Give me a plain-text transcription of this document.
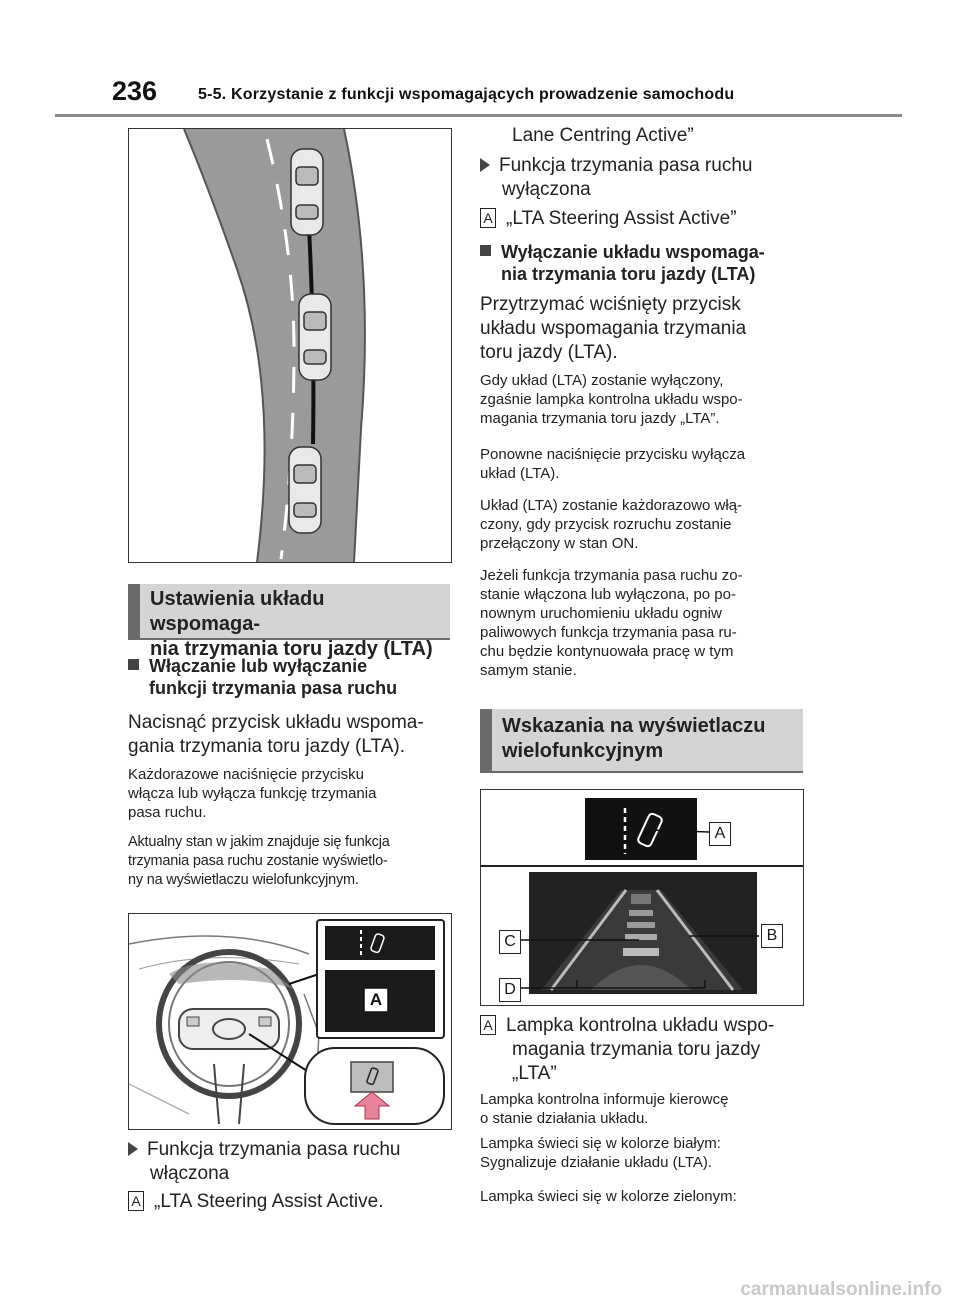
236	5-5. Korzystanie z funkcji wspomagających prowadzenie samochodu
Ustawienia układu wspomaga-
nia trzymania toru jazdy (LTA)
Włączanie lub wyłączanie
funkcji trzymania pasa ruchu
Nacisnąć przycisk układu wspoma-
gania trzymania toru jazdy (LTA).
Każdorazowe naciśnięcie przycisku
włącza lub wyłącza funkcję trzymania
pasa ruchu.
Aktualny stan w jakim znajduje się funkcja
trzymania pasa ruchu zostanie wyświetlo-
ny na wyświetlaczu wielofunkcyjnym.
A
Funkcja trzymania pasa ruchu
włączona
A „LTA Steering Assist Active.
Lane Centring Active”
Funkcja trzymania pasa ruchu
wyłączona
A „LTA Steering Assist Active”
Wyłączanie układu wspomaga-
nia trzymania toru jazdy (LTA)
Przytrzymać wciśnięty przycisk
układu wspomagania trzymania
toru jazdy (LTA).
Gdy układ (LTA) zostanie wyłączony,
zgaśnie lampka kontrolna układu wspo-
magania trzymania toru jazdy „LTA”.
Ponowne naciśnięcie przycisku wyłącza
układ (LTA).
Układ (LTA) zostanie każdorazowo włą-
czony, gdy przycisk rozruchu zostanie
przełączony w stan ON.
Jeżeli funkcja trzymania pasa ruchu zo-
stanie włączona lub wyłączona, po po-
nownym uruchomieniu układu ogniw
paliwowych funkcja trzymania pasa ru-
chu będzie kontynuowała pracę w tym
samym stanie.
Wskazania na wyświetlaczu
wielofunkcyjnym
A
B
C
D
A Lampka kontrolna układu wspo-
magania trzymania toru jazdy
„LTA”
Lampka kontrolna informuje kierowcę
o stanie działania układu.
Lampka świeci się w kolorze białym:
Sygnalizuje działanie układu (LTA).
Lampka świeci się w kolorze zielonym:
carmanualsonline.info
